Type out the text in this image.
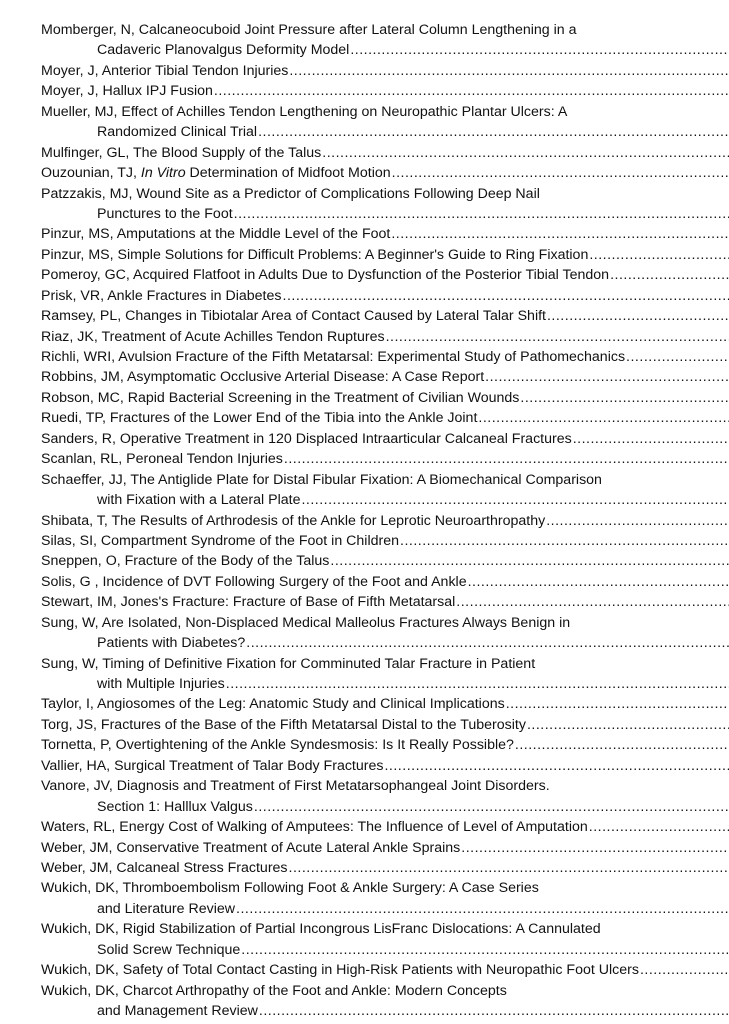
Momberger, N, Calcaneocuboid Joint Pressure after Lateral Column Lengthening in a
Cadaveric Planovalgus Deformity Model
.....
Moyer, J, Anterior Tibial Tendon Injuries
.....
Moyer, J, Hallux IPJ Fusion
.....
Mueller, MJ, Effect of Achilles Tendon Lengthening on Neuropathic Plantar Ulcers: A
Randomized Clinical Trial
.....
Mulfinger, GL, The Blood Supply of the Talus
.....
Ouzounian, TJ, In Vitro Determination of Midfoot Motion
.....
Patzzakis, MJ, Wound Site as a Predictor of Complications Following Deep Nail
Punctures to the Foot
.....
Pinzur, MS, Amputations at the Middle Level of the Foot
.....
Pinzur, MS, Simple Solutions for Difficult Problems: A Beginner's Guide to Ring Fixation
.....
Pomeroy, GC, Acquired Flatfoot in Adults Due to Dysfunction of the Posterior Tibial Tendon
.....
Prisk, VR, Ankle Fractures in Diabetes
.....
Ramsey, PL, Changes in Tibiotalar Area of Contact Caused by Lateral Talar Shift
.....
Riaz, JK, Treatment of Acute Achilles Tendon Ruptures
.....
Richli, WRI, Avulsion Fracture of the Fifth Metatarsal: Experimental Study of Pathomechanics
.....
Robbins, JM, Asymptomatic Occlusive Arterial Disease: A Case Report
.....
Robson, MC, Rapid Bacterial Screening in the Treatment of Civilian Wounds
.....
Ruedi, TP, Fractures of the Lower End of the Tibia into the Ankle Joint
.....
Sanders, R, Operative Treatment in 120 Displaced Intraarticular Calcaneal Fractures
.....
Scanlan, RL, Peroneal Tendon Injuries
.....
Schaeffer, JJ, The Antiglide Plate for Distal Fibular Fixation: A Biomechanical Comparison
with Fixation with a Lateral Plate
.....
Shibata, T, The Results of Arthrodesis of the Ankle for Leprotic Neuroarthropathy
.....
Silas, SI, Compartment Syndrome of the Foot in Children
.....
Sneppen, O, Fracture of the Body of the Talus
.....
Solis, G , Incidence of DVT Following Surgery of the Foot and Ankle
.....
Stewart, IM, Jones's Fracture: Fracture of Base of Fifth Metatarsal
.....
Sung, W, Are Isolated, Non-Displaced Medical Malleolus Fractures Always Benign in
Patients with Diabetes?
.....
Sung, W, Timing of Definitive Fixation for Comminuted Talar Fracture in Patient
with Multiple Injuries
.....
Taylor, I, Angiosomes of the Leg: Anatomic Study and Clinical Implications
.....
Torg, JS, Fractures of the Base of the Fifth Metatarsal Distal to the Tuberosity
.....
Tornetta, P, Overtightening of the Ankle Syndesmosis: Is It Really Possible?
.....
Vallier, HA, Surgical Treatment of Talar Body Fractures
.....
Vanore, JV, Diagnosis and Treatment of First Metatarsophangeal Joint Disorders.
Section 1: Halllux Valgus
.....
Waters, RL, Energy Cost of Walking of Amputees: The Influence of Level of Amputation
.....
Weber, JM, Conservative Treatment of Acute Lateral Ankle Sprains
.....
Weber, JM, Calcaneal Stress Fractures
.....
Wukich, DK, Thromboembolism Following Foot & Ankle Surgery: A Case Series
and Literature Review
.....
Wukich, DK, Rigid Stabilization of Partial Incongrous LisFranc Dislocations: A Cannulated
Solid Screw Technique
.....
Wukich, DK, Safety of Total Contact Casting in High-Risk Patients with Neuropathic Foot Ulcers
.....
Wukich, DK, Charcot Arthropathy of the Foot and Ankle: Modern Concepts
and Management Review
.....
